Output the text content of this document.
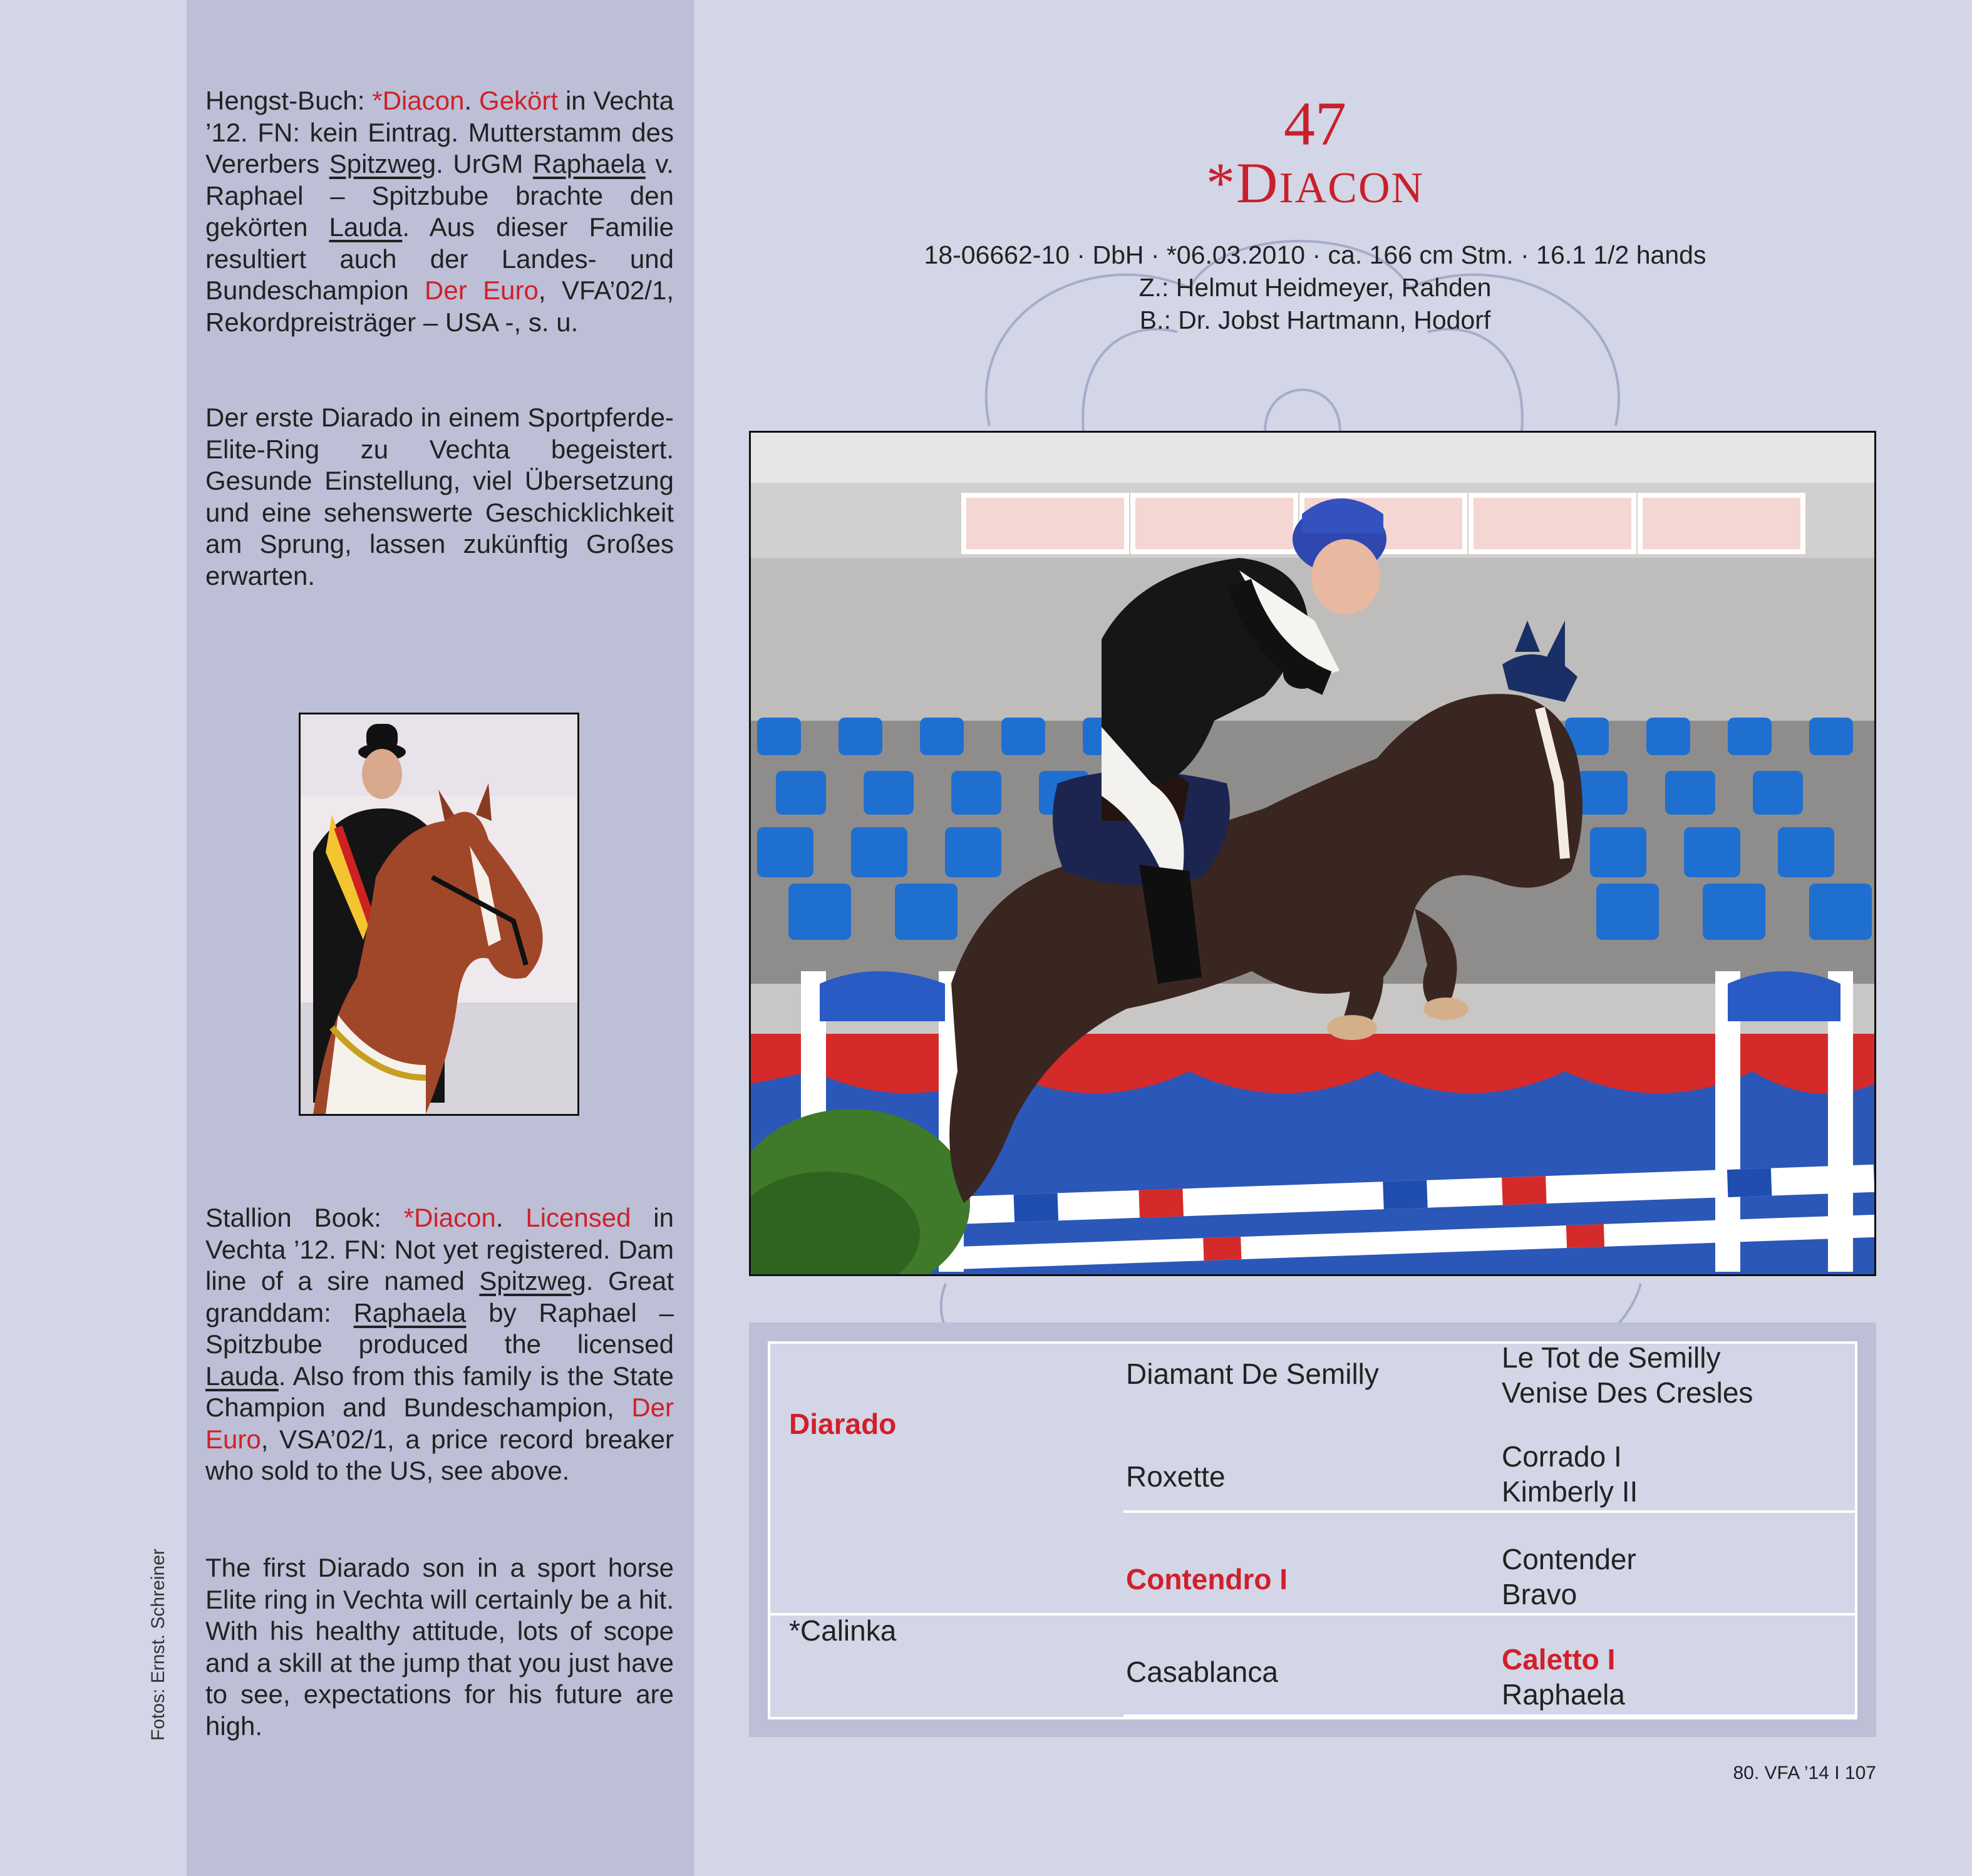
Hengst-Buch: *Diacon. Gekört in Vechta ’12. FN: kein Eintrag. Mutterstamm des Vererbers Spitzweg. UrGM Raphaela v. Raphael – Spitzbube brachte den gekörten Lauda. Aus dieser Familie resultiert auch der Landes- und Bundeschampion Der Euro, VFA’02/1, Rekordpreisträger – USA -, s. u.

Der erste Diarado in einem Sportpferde-Elite-Ring zu Vechta begeistert. Gesunde Einstellung, viel Übersetzung und eine sehenswerte Geschicklichkeit am Sprung, lassen zukünftig Großes erwarten.

Stallion Book: *Diacon. Licensed in Vechta ’12. FN: Not yet registered. Dam line of a sire named Spitzweg. Great granddam: Raphaela by Raphael – Spitzbube produced the licensed Lauda. Also from this family is the State Champion and Bundeschampion, Der Euro, VSA’02/1, a price record breaker who sold to the US, see above.

The first Diarado son in a sport horse Elite ring in Vechta will certainly be a hit. With his healthy attitude, lots of scope and a skill at the jump that you just have to see, expectations for his future are high.

Fotos: Ernst. Schreiner
47
*DIACON
18-06662-10 · DbH · *06.03.2010 · ca. 166 cm Stm. · 16.1 1/2 hands
Z.: Helmut Heidmeyer, Rahden
B.: Dr. Jobst Hartmann, Hodorf
Diarado
*Calinka
Diamant De Semilly
Roxette
Contendro I
Casablanca
Le Tot de Semilly
Venise Des Cresles
Corrado I
Kimberly II
Contender
Bravo
Caletto I
Raphaela
80. VFA ’14 I 107
